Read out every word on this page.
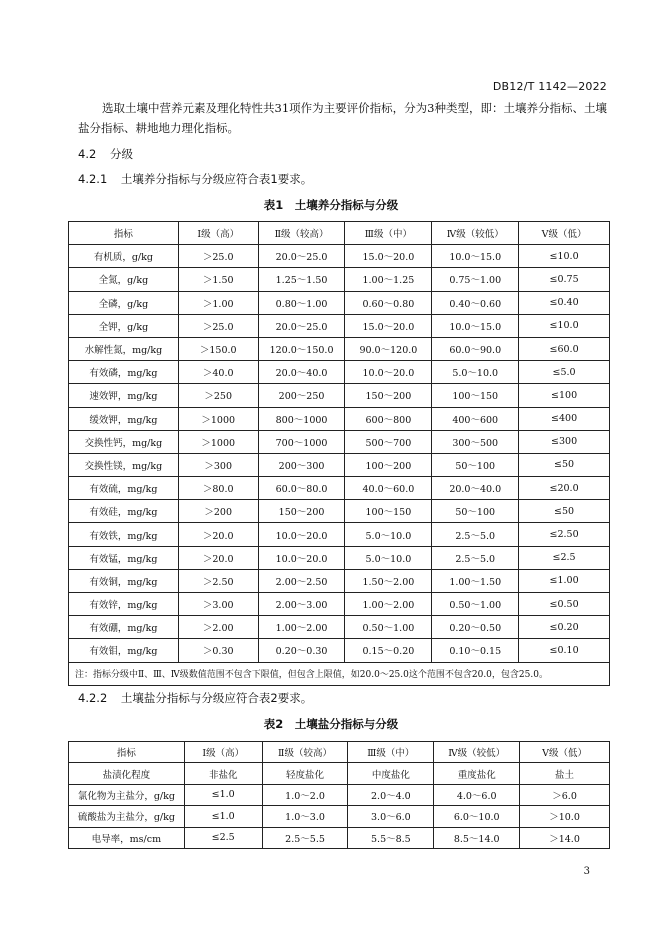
DB12/T 1142—2022
选取土壤中营养元素及理化特性共31项作为主要评价指标，分为3种类型，即：土壤养分指标、土壤盐分指标、耕地地力理化指标。
4.2 分级
4.2.1 土壤养分指标与分级应符合表1要求。
表1　土壤养分指标与分级
指标	Ⅰ级（高）	Ⅱ级（较高）	Ⅲ级（中）	Ⅳ级（较低）	Ⅴ级（低）
有机质，g/kg	＞25.0	20.0～25.0	15.0～20.0	10.0～15.0	≤10.0
全氮，g/kg	＞1.50	1.25～1.50	1.00～1.25	0.75～1.00	≤0.75
全磷，g/kg	＞1.00	0.80～1.00	0.60～0.80	0.40～0.60	≤0.40
全钾，g/kg	＞25.0	20.0～25.0	15.0～20.0	10.0～15.0	≤10.0
水解性氮，mg/kg	＞150.0	120.0～150.0	90.0～120.0	60.0～90.0	≤60.0
有效磷，mg/kg	＞40.0	20.0～40.0	10.0～20.0	5.0～10.0	≤5.0
速效钾，mg/kg	＞250	200～250	150～200	100～150	≤100
缓效钾，mg/kg	＞1000	800～1000	600～800	400～600	≤400
交换性钙，mg/kg	＞1000	700～1000	500～700	300～500	≤300
交换性镁，mg/kg	＞300	200～300	100～200	50～100	≤50
有效硫，mg/kg	＞80.0	60.0～80.0	40.0～60.0	20.0～40.0	≤20.0
有效硅，mg/kg	＞200	150～200	100～150	50～100	≤50
有效铁，mg/kg	＞20.0	10.0～20.0	5.0～10.0	2.5～5.0	≤2.50
有效锰，mg/kg	＞20.0	10.0～20.0	5.0～10.0	2.5～5.0	≤2.5
有效铜，mg/kg	＞2.50	2.00～2.50	1.50～2.00	1.00～1.50	≤1.00
有效锌，mg/kg	＞3.00	2.00～3.00	1.00～2.00	0.50～1.00	≤0.50
有效硼，mg/kg	＞2.00	1.00～2.00	0.50～1.00	0.20～0.50	≤0.20
有效钼，mg/kg	＞0.30	0.20～0.30	0.15～0.20	0.10～0.15	≤0.10
注：指标分级中Ⅱ、Ⅲ、Ⅳ级数值范围不包含下限值，但包含上限值，如20.0～25.0这个范围不包含20.0，包含25.0。					
4.2.2 土壤盐分指标与分级应符合表2要求。
表2　土壤盐分指标与分级
指标	Ⅰ级（高）	Ⅱ级（较高）	Ⅲ级（中）	Ⅳ级（较低）	Ⅴ级（低）
盐渍化程度	非盐化	轻度盐化	中度盐化	重度盐化	盐土
氯化物为主盐分，g/kg	≤1.0	1.0～2.0	2.0～4.0	4.0～6.0	＞6.0
硫酸盐为主盐分，g/kg	≤1.0	1.0～3.0	3.0～6.0	6.0～10.0	＞10.0
电导率，ms/cm	≤2.5	2.5～5.5	5.5～8.5	8.5～14.0	＞14.0
3
